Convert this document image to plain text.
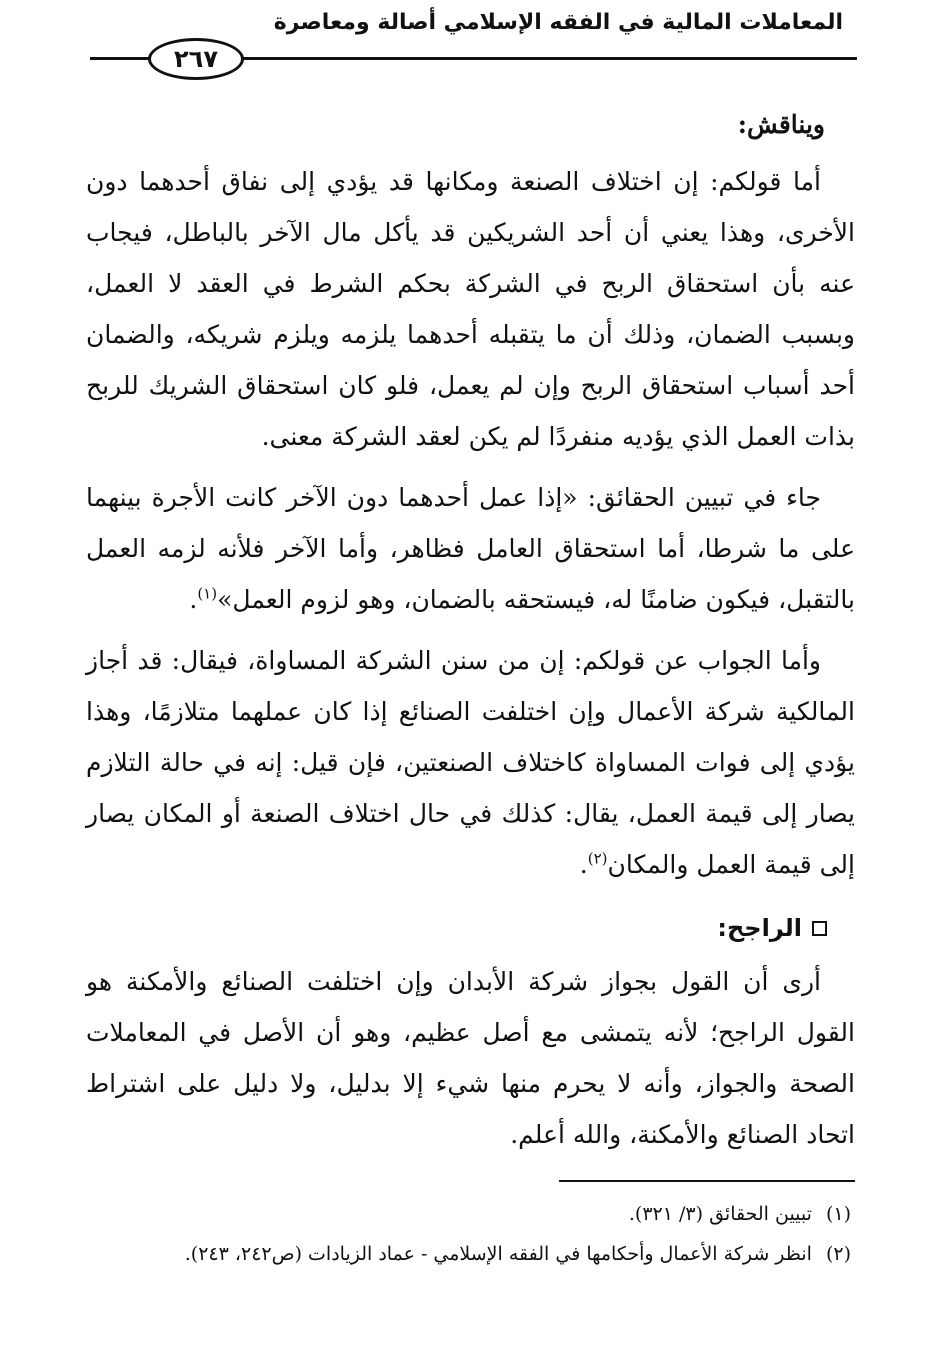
المعاملات المالية في الفقه الإسلامي أصالة ومعاصرة
٢٦٧
ويناقش:

أما قولكم: إن اختلاف الصنعة ومكانها قد يؤدي إلى نفاق أحدهما دون الأخرى، وهذا يعني أن أحد الشريكين قد يأكل مال الآخر بالباطل، فيجاب عنه بأن استحقاق الربح في الشركة بحكم الشرط في العقد لا العمل، وبسبب الضمان، وذلك أن ما يتقبله أحدهما يلزمه ويلزم شريكه، والضمان أحد أسباب استحقاق الربح وإن لم يعمل، فلو كان استحقاق الشريك للربح بذات العمل الذي يؤديه منفردًا لم يكن لعقد الشركة معنى.

جاء في تبيين الحقائق: «إذا عمل أحدهما دون الآخر كانت الأجرة بينهما على ما شرطا، أما استحقاق العامل فظاهر، وأما الآخر فلأنه لزمه العمل بالتقبل، فيكون ضامنًا له، فيستحقه بالضمان، وهو لزوم العمل»$^{(١)}$.

وأما الجواب عن قولكم: إن من سنن الشركة المساواة، فيقال: قد أجاز المالكية شركة الأعمال وإن اختلفت الصنائع إذا كان عملهما متلازمًا، وهذا يؤدي إلى فوات المساواة كاختلاف الصنعتين، فإن قيل: إنه في حالة التلازم يصار إلى قيمة العمل، يقال: كذلك في حال اختلاف الصنعة أو المكان يصار إلى قيمة العمل والمكان$^{(٢)}$.

الراجح:

أرى أن القول بجواز شركة الأبدان وإن اختلفت الصنائع والأمكنة هو القول الراجح؛ لأنه يتمشى مع أصل عظيم، وهو أن الأصل في المعاملات الصحة والجواز، وأنه لا يحرم منها شيء إلا بدليل، ولا دليل على اشتراط اتحاد الصنائع والأمكنة، والله أعلم.

(١)تبيين الحقائق (٣/ ٣٢١).

(٢)انظر شركة الأعمال وأحكامها في الفقه الإسلامي - عماد الزيادات (ص٢٤٢، ٢٤٣).
